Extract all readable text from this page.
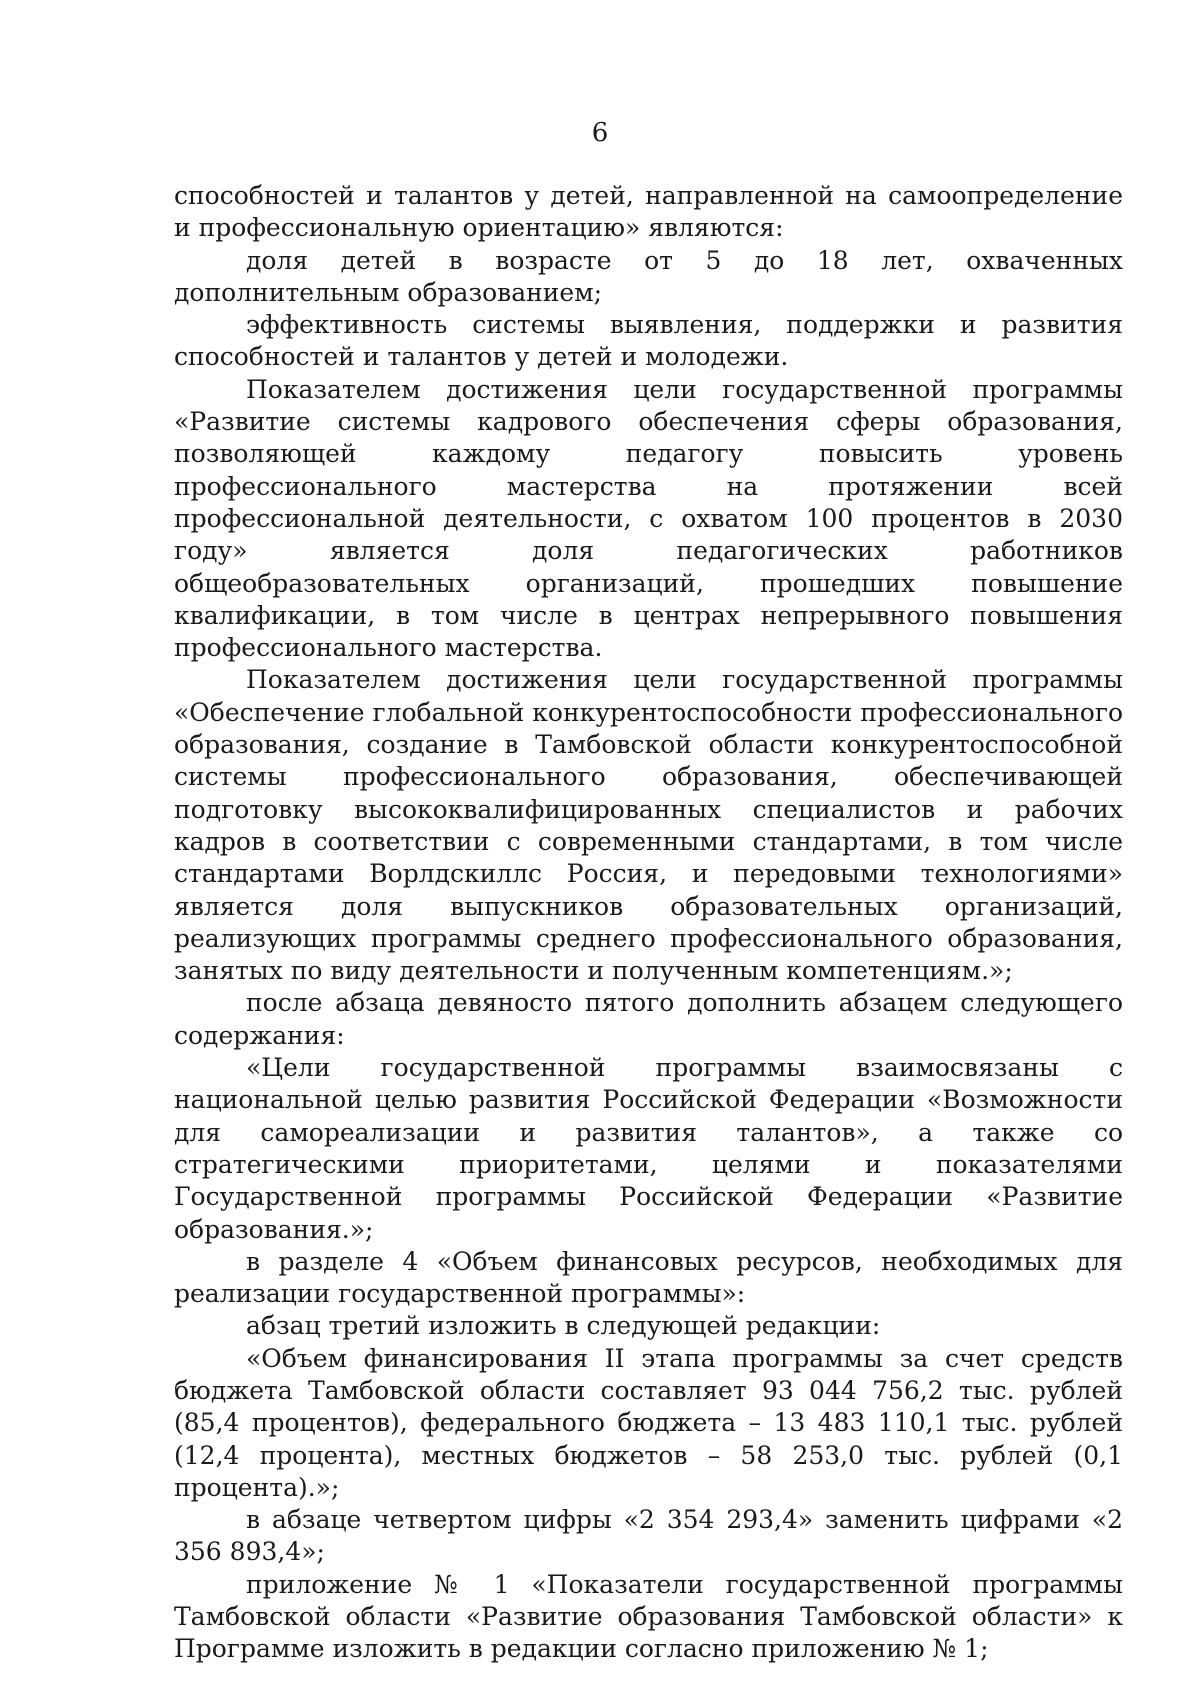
6

способностей и талантов у детей, направленной на самоопределение и профессиональную ориентацию» являются:

доля детей в возрасте от 5 до 18 лет, охваченных дополнительным образованием;

эффективность системы выявления, поддержки и развития способностей и талантов у детей и молодежи.

Показателем достижения цели государственной программы «Развитие системы кадрового обеспечения сферы образования, позволяющей каждому педагогу повысить уровень профессионального мастерства на протяжении всей профессиональной деятельности, с охватом 100 процентов в 2030 году» является доля педагогических работников общеобразовательных организаций, прошедших повышение квалификации, в том числе в центрах непрерывного повышения профессионального мастерства.

Показателем достижения цели государственной программы «Обеспечение глобальной конкурентоспособности профессионального образования, создание в Тамбовской области конкурентоспособной системы профессионального образования, обеспечивающей подготовку высококвалифицированных специалистов и рабочих кадров в соответствии с современными стандартами, в том числе стандартами Ворлдскиллс Россия, и передовыми технологиями» является доля выпускников образовательных организаций, реализующих программы среднего профессионального образования, занятых по виду деятельности и полученным компетенциям.»;

после абзаца девяносто пятого дополнить абзацем следующего содержания:

«Цели государственной программы взаимосвязаны с национальной целью развития Российской Федерации «Возможности для самореализации и развития талантов», а также со стратегическими приоритетами, целями и показателями Государственной программы Российской Федерации «Развитие образования.»;

в разделе 4 «Объем финансовых ресурсов, необходимых для реализации государственной программы»:

абзац третий изложить в следующей редакции:

«Объем финансирования II этапа программы за счет средств бюджета Тамбовской области составляет 93 044 756,2 тыс. рублей (85,4 процентов), федерального бюджета – 13 483 110,1 тыс. рублей (12,4 процента), местных бюджетов – 58 253,0 тыс. рублей (0,1 процента).»;

в абзаце четвертом цифры «2 354 293,4» заменить цифрами «2 356 893,4»;

приложение № 1 «Показатели государственной программы Тамбовской области «Развитие образования Тамбовской области» к Программе изложить в редакции согласно приложению № 1;
